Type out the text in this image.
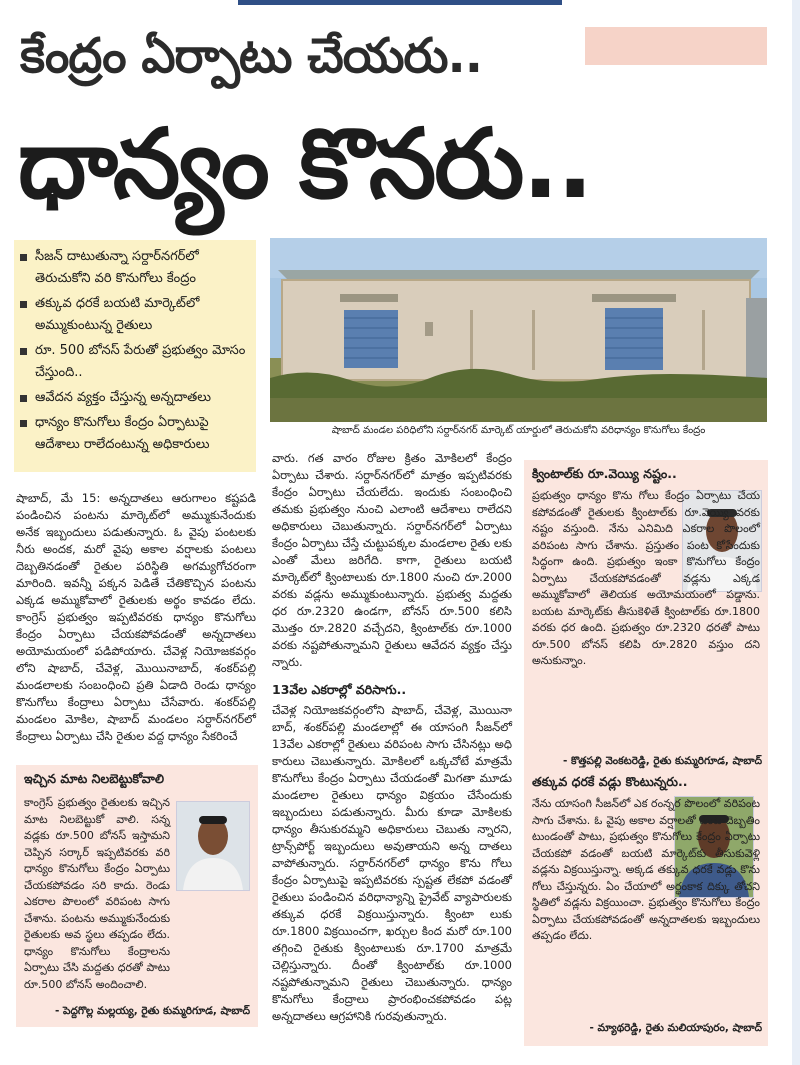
కేంద్రం ఏర్పాటు చేయరు..
ధాన్యం కొనరు..
సీజన్ దాటుతున్నా సర్దార్‌నగర్‌లో తెరుచుకోని వరి కొనుగోలు కేంద్రం
తక్కువ ధరకే బయటి మార్కెట్‌లో అమ్ముకుంటున్న రైతులు
రూ. 500 బోనస్ పేరుతో ప్రభుత్వం మోసం చేస్తుంది..
ఆవేదన వ్యక్తం చేస్తున్న అన్నదాతలు
ధాన్యం కొనుగోలు కేంద్రం ఏర్పాటుపై ఆదేశాలు రాలేదంటున్న అధికారులు
షాబాద్ మండల పరిధిలోని సర్దార్‌నగర్ మార్కెట్ యార్డులో తెరుచుకోని వరిధాన్యం కొనుగోలు కేంద్రం

షాబాద్, మే 15: అన్నదాతలు ఆరుగాలం కష్టపడి పండించిన పంటను మార్కెట్‌లో అమ్ముకునేందుకు అనేక ఇబ్బందులు పడుతున్నారు. ఓ వైపు పంటలకు నీరు అందక, మరో వైపు అకాల వర్షాలకు పంటలు దెబ్బతినడంతో రైతుల పరిస్థితి అగమ్యగోచరంగా మారింది. ఇవన్నీ పక్కన పెడితే చేతికొచ్చిన పంటను ఎక్కడ అమ్ముకోవాలో రైతులకు అర్థం కావడం లేదు. కాంగ్రెస్ ప్రభుత్వం ఇప్పటివరకు ధాన్యం కొనుగోలు కేంద్రం ఏర్పాటు చేయకపోవడంతో అన్నదాతలు అయోమయంలో పడిపోయారు. చేవెళ్ల నియోజకవర్గం లోని షాబాద్, చేవెళ్ల, మొయినాబాద్, శంకర్‌పల్లి మండలాలకు సంబంధించి ప్రతి ఏడాది రెండు ధాన్యం కొనుగోలు కేంద్రాలు ఏర్పాటు చేసేవారు. శంకర్‌పల్లి మండలం మోకిల, షాబాద్ మండలం సర్దార్‌నగర్‌లో కేంద్రాలు ఏర్పాటు చేసి రైతుల వద్ద ధాన్యం సేకరించే

ఇచ్చిన మాట నిలబెట్టుకోవాలి
కాంగ్రెస్ ప్రభుత్వం రైతులకు ఇచ్చిన మాట నిలబెట్టుకో వాలి. సన్న వడ్లకు రూ.500 బోనస్ ఇస్తామని చెప్పిన సర్కార్ ఇప్పటివరకు వరి ధాన్యం కొనుగోలు కేంద్రం ఏర్పాటు చేయకపోవడం సరి కాదు. రెండు ఎకరాల పొలంలో వరిపంట సాగు చేశాను. పంటను అమ్ముకునేందుకు రైతులకు అవ స్థలు తప్పడం లేదు. ధాన్యం కొనుగోలు కేంద్రాలను ఏర్పాటు చేసి మద్దతు ధరతో పాటు రూ.500 బోనస్ అందించాలి.
- పెద్దగొల్ల మల్లయ్య, రైతు కుమ్మరిగూడ, షాబాద్

వారు. గత వారం రోజుల క్రితం మోకిలలో కేంద్రం ఏర్పాటు చేశారు. సర్దార్‌నగర్‌లో మాత్రం ఇప్పటివరకు కేంద్రం ఏర్పాటు చేయలేదు. ఇందుకు సంబంధించి తమకు ప్రభుత్వం నుంచి ఎలాంటి ఆదేశాలు రాలేదని అధికారులు చెబుతున్నారు. సర్దార్‌నగర్‌లో ఏర్పాటు కేంద్రం ఏర్పాటు చేస్తే చుట్టుపక్కల మండలాల రైతు లకు ఎంతో మేలు జరిగేది. కాగా, రైతులు బయటి మార్కెట్‌లో క్వింటాలుకు రూ.1800 నుంచి రూ.2000 వరకు వడ్లను అమ్ముకుంటున్నారు. ప్రభుత్వ మద్దతు ధర రూ.2320 ఉండగా, బోనస్ రూ.500 కలిసి మొత్తం రూ.2820 వచ్చేదని, క్వింటాల్‌కు రూ.1000 వరకు నష్టపోతున్నామని రైతులు ఆవేదన వ్యక్తం చేస్తు న్నారు.

13వేల ఎకరాల్లో వరిసాగు..

చేవెళ్ల నియోజకవర్గంలోని షాబాద్, చేవెళ్ల, మొయినా బాద్, శంకర్‌పల్లి మండలాల్లో ఈ యాసంగి సీజన్‌లో 13వేల ఎకరాల్లో రైతులు వరిపంట సాగు చేసినట్లు అధి కారులు చెబుతున్నారు. మోకిలలో ఒక్కచోటే మాత్రమే కొనుగోలు కేంద్రం ఏర్పాటు చేయడంతో మిగతా మూడు మండలాల రైతులు ధాన్యం విక్రయం చేసేందుకు ఇబ్బందులు పడుతున్నారు. మీరు కూడా మోకిలకు ధాన్యం తీసుకురమ్మని అధికారులు చెబుతు న్నారని, ట్రాన్స్‌పోర్ట్ ఇబ్బందులు అవుతాయని అన్న దాతలు వాపోతున్నారు. సర్దార్‌నగర్‌లో ధాన్యం కొను గోలు కేంద్రం ఏర్పాటుపై ఇప్పటివరకు స్పష్టత లేకపో వడంతో రైతులు పండించిన వరిధాన్యాన్ని ప్రైవేట్ వ్యాపారులకు తక్కువ ధరకే విక్రయిస్తున్నారు. క్వింటా లుకు రూ.1800 విక్రయించగా, ఖర్చుల కింద మరో రూ.100 తగ్గించి రైతుకు క్వింటాలుకు రూ.1700 మాత్రమే చెల్లిస్తున్నారు. దీంతో క్వింటాల్‌కు రూ.1000 నష్టపోతున్నామని రైతులు చెబుతున్నారు. ధాన్యం కొనుగోలు కేంద్రాలు ప్రారంభించకపోవడం పట్ల అన్నదాతలు ఆగ్రహానికి గురవుతున్నారు.

క్వింటాల్‌కు రూ.వెయ్యి నష్టం..
ప్రభుత్వం ధాన్యం కొను గోలు కేంద్రం ఏర్పాటు చేయ కపోవడంతో రైతులకు క్వింటాల్‌కు రూ.వెయ్యి వరకు నష్టం వస్తుంది. నేను ఎనిమిది ఎకరాల పొలంలో వరిపంట సాగు చేశాను. ప్రస్తుతం పంట కోసేందుకు సిద్ధంగా ఉంది. ప్రభుత్వం ఇంకా కొనుగోలు కేంద్రం ఏర్పాటు చేయకపోవడంతో వడ్లను ఎక్కడ అమ్ముకోవాలో తెలియక అయోమయంలో పడ్డాను. బయట మార్కెట్‌కు తీసుకెళితే క్వింటాల్‌కు రూ.1800 వరకు ధర ఉంది. ప్రభుత్వం రూ.2320 ధరతో పాటు రూ.500 బోనస్ కలిపి రూ.2820 వస్తుం దని అనుకున్నాం.
- కొత్తపల్లి వెంకటరెడ్డి, రైతు కుమ్మరిగూడ, షాబాద్
తక్కువ ధరకే వడ్లు కొంటున్నరు..
నేను యాసంగి సీజన్‌లో ఎక రంన్నర పొలంలో వరిపంట సాగు చేశాను. ఓ వైపు అకాల వర్షాలతో పంట దెబ్బతిం టుండంతో పాటు, ప్రభుత్వం కొనుగోలు కేంద్రం ఏర్పాటు చేయకపో వడంతో బయటి మార్కెట్‌కు తీసుకువెళ్లి వడ్లను విక్రయిస్తున్నా. అక్కడ తక్కువ ధరకే వడ్లు కొను గోలు చేస్తున్నరు. ఏం చేయాలో అర్థంకాక దిక్కు తోచని స్థితిలో వడ్లను విక్రయించా. ప్రభుత్వం కొనుగోలు కేంద్రం ఏర్పాటు చేయకపోవడంతో అన్నదాతలకు ఇబ్బందులు తప్పడం లేదు.
- మ్యాథరెడ్డి, రైతు మలియాపురం, షాబాద్
